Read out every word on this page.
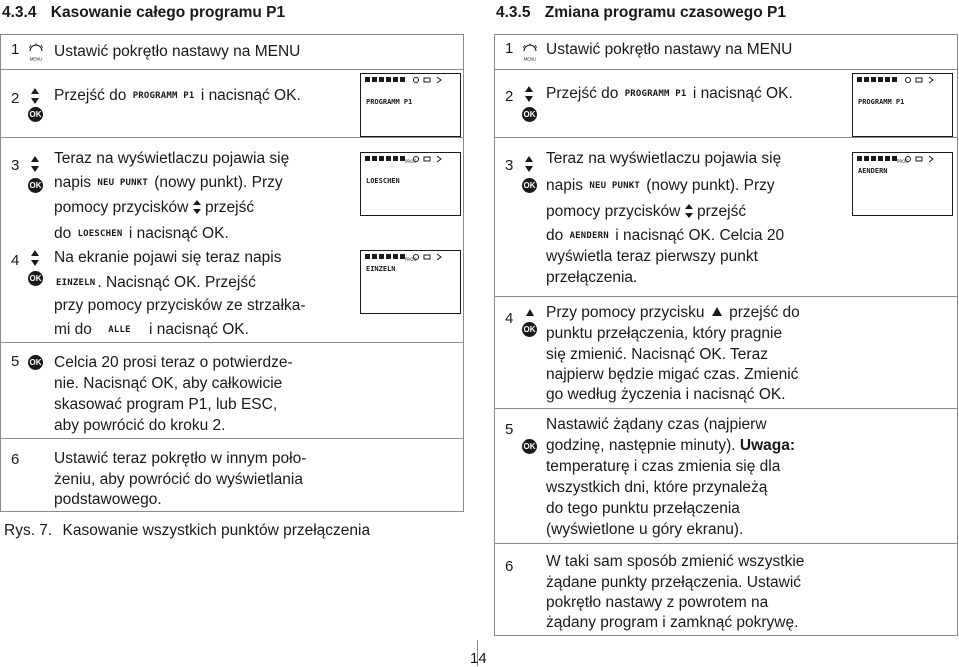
4.3.4 Kasowanie całego programu P1
1
MENU Ustawić pokrętło nastawy na MENU
2
OK
Przejść do PROGRAMM P1 i nacisnąć OK.	PROGRAMM P1
3
OK
Teraz na wyświetlaczu pojawia się
napis NEU PUNKT (nowy punkt). Przy
pomocy przycisków przejść
do LOESCHEN i nacisnąć OK.
PROG
LOESCHEN
4
OK
Na ekranie pojawi się teraz napis
EINZELN . Nacisnąć OK. Przejść
przy pomocy przycisków ze strzałka-
mi do ALLE i nacisnąć OK.
PROG
EINZELN
5 OK Celcia 20 prosi teraz o potwierdze-
nie. Nacisnąć OK, aby całkowicie
skasować program P1, lub ESC,
aby powrócić do kroku 2.
6 Ustawić teraz pokrętło w innym poło-
żeniu, aby powrócić do wyświetlania
podstawowego.
Rys. 7. Kasowanie wszystkich punktów przełączenia
4.3.5 Zmiana programu czasowego P1
1
MENU
Ustawić pokrętło nastawy na MENU
2
OK
Przejść do PROGRAMM P1 i nacisnąć OK.	PROGRAMM P1
3
OK
Teraz na wyświetlaczu pojawia się
napis NEU PUNKT (nowy punkt). Przy
pomocy przycisków przejść
do AENDERN i nacisnąć OK. Celcia 20
wyświetla teraz pierwszy punkt
przełączenia.
PROG
AENDERN
4
OK
Przy pomocy przycisku przejść do
punktu przełączenia, który pragnie
się zmienić. Nacisnąć OK. Teraz
najpierw będzie migać czas. Zmienić
go według życzenia i nacisnąć OK.
5
OK
Nastawić żądany czas (najpierw
godzinę, następnie minuty). Uwaga:
temperaturę i czas zmienia się dla
wszystkich dni, które przynależą
do tego punktu przełączenia
(wyświetlone u góry ekranu).
6 W taki sam sposób zmienić wszystkie
żądane punkty przełączenia. Ustawić
pokrętło nastawy z powrotem na
żądany program i zamknąć pokrywę.
14
